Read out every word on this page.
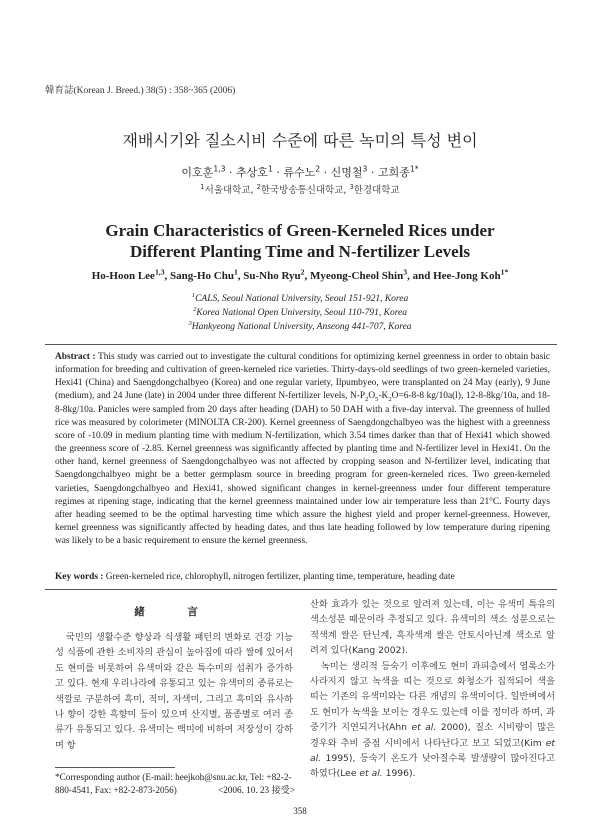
韓育誌(Korean J. Breed.) 38(5) : 358~365 (2006)
재배시기와 질소시비 수준에 따른 녹미의 특성 변이
이호훈$^{1,3}$ · 추상호$^1$ · 류수노$^2$ · 신명철$^3$ · 고희종$^{1*}$
$^1$서울대학교, $^2$한국방송통신대학교, $^3$한경대학교
Grain Characteristics of Green-Kerneled Rices under
Different Planting Time and N-fertilizer Levels
Ho-Hoon Lee$^{1,3}$, Sang-Ho Chu$^1$, Su-Nho Ryu$^2$, Myeong-Cheol Shin$^3$, and Hee-Jong Koh$^{1*}$
$^1$CALS, Seoul National University, Seoul 151-921, Korea
$^2$Korea National Open University, Seoul 110-791, Korea
$^3$Hankyeong National University, Anseong 441-707, Korea
Abstract : This study was carried out to investigate the cultural conditions for optimizing kernel greenness in order to obtain basic information for breeding and cultivation of green-kerneled rice varieties. Thirty-days-old seedlings of two green-kerneled varieties, Hexi41 (China) and Saengdongchalbyeo (Korea) and one regular variety, Ilpumbyeo, were transplanted on 24 May (early), 9 June (medium), and 24 June (late) in 2004 under three different N-fertilizer levels, $N-P_2O_5-K_2O=6-8-8$ kg/10a(l), 12-8-8kg/10a, and 18-8-8kg/10a. Panicles were sampled from 20 days after heading (DAH) to 50 DAH with a five-day interval. The greenness of hulled rice was measured by colorimeter (MINOLTA CR-200). Kernel greenness of Saengdongchalbyeo was the highest with a greenness score of -10.09 in medium planting time with medium N-fertilization, which 3.54 times darker than that of Hexi41 which showed the greenness score of -2.85. Kernel greenness was significantly affected by planting time and N-fertilizer level in Hexi41. On the other hand, kernel greenness of Saengdongchalbyeo was not affected by cropping season and N-fertilizer level, indicating that Saengdongchalbyeo might be a better germplasm source in breeding program for green-kerneled rices. Two green-kerneled varieties, Saengdongchalbyeo and Hexi41, showed significant changes in kernel-greenness under four different temperature regimes at ripening stage, indicating that the kernel greenness maintained under low air temperature less than 21°C. Fourty days after heading seemed to be the optimal harvesting time which assure the highest yield and proper kernel-greenness. However, kernel greenness was significantly affected by heading dates, and thus late heading followed by low temperature during ripening was likely to be a basic requirement to ensure the kernel greenness.
Key words : Green-kerneled rice, chlorophyll, nitrogen fertilizer, planting time, temperature, heading date
緒　言

국민의 생활수준 향상과 식생활 패턴의 변화로 건강 기능성 식품에 관한 소비자의 관심이 높아짐에 따라 쌀에 있어서도 현미를 비롯하여 유색미와 같은 특수미의 섭취가 증가하고 있다. 현재 우리나라에 유통되고 있는 유색미의 종류로는 색깔로 구분하여 흑미, 적미, 자색미, 그리고 흑미와 유사하나 향이 강한 흑향미 등이 있으며 산지별, 품종별로 여러 종류가 유통되고 있다. 유색미는 백미에 비하여 저장성이 강하며 항

산화 효과가 있는 것으로 알려져 있는데, 이는 유색미 특유의 색소성분 때문이라 추정되고 있다. 유색미의 색소 성분으로는 적색계 쌀은 탄닌계, 흑자색계 쌀은 안토시아닌계 색소로 알려져 있다(Kang 2002).

녹미는 생리적 등숙기 이후에도 현미 과피층에서 엽록소가 사라지지 않고 녹색을 띠는 것으로 화청소가 집적되어 색을 띠는 기존의 유색미와는 다른 개념의 유색미이다. 일반벼에서도 현미가 녹색을 보이는 경우도 있는데 이를 정미라 하며, 과중기가 지연되거나(Ahn et al. 2000), 질소 시비량이 많은 경우와 추비 중점 시비에서 나타난다고 보고 되었고(Kim et al. 1995), 등숙기 온도가 낮아질수록 발생량이 많아진다고 하였다(Lee et al. 1996).

*Corresponding author (E-mail: heejkoh@snu.ac.kr, Tel: +82-2-
880-4541, Fax: +82-2-873-2056)	<2006. 10. 23 接受>
358
